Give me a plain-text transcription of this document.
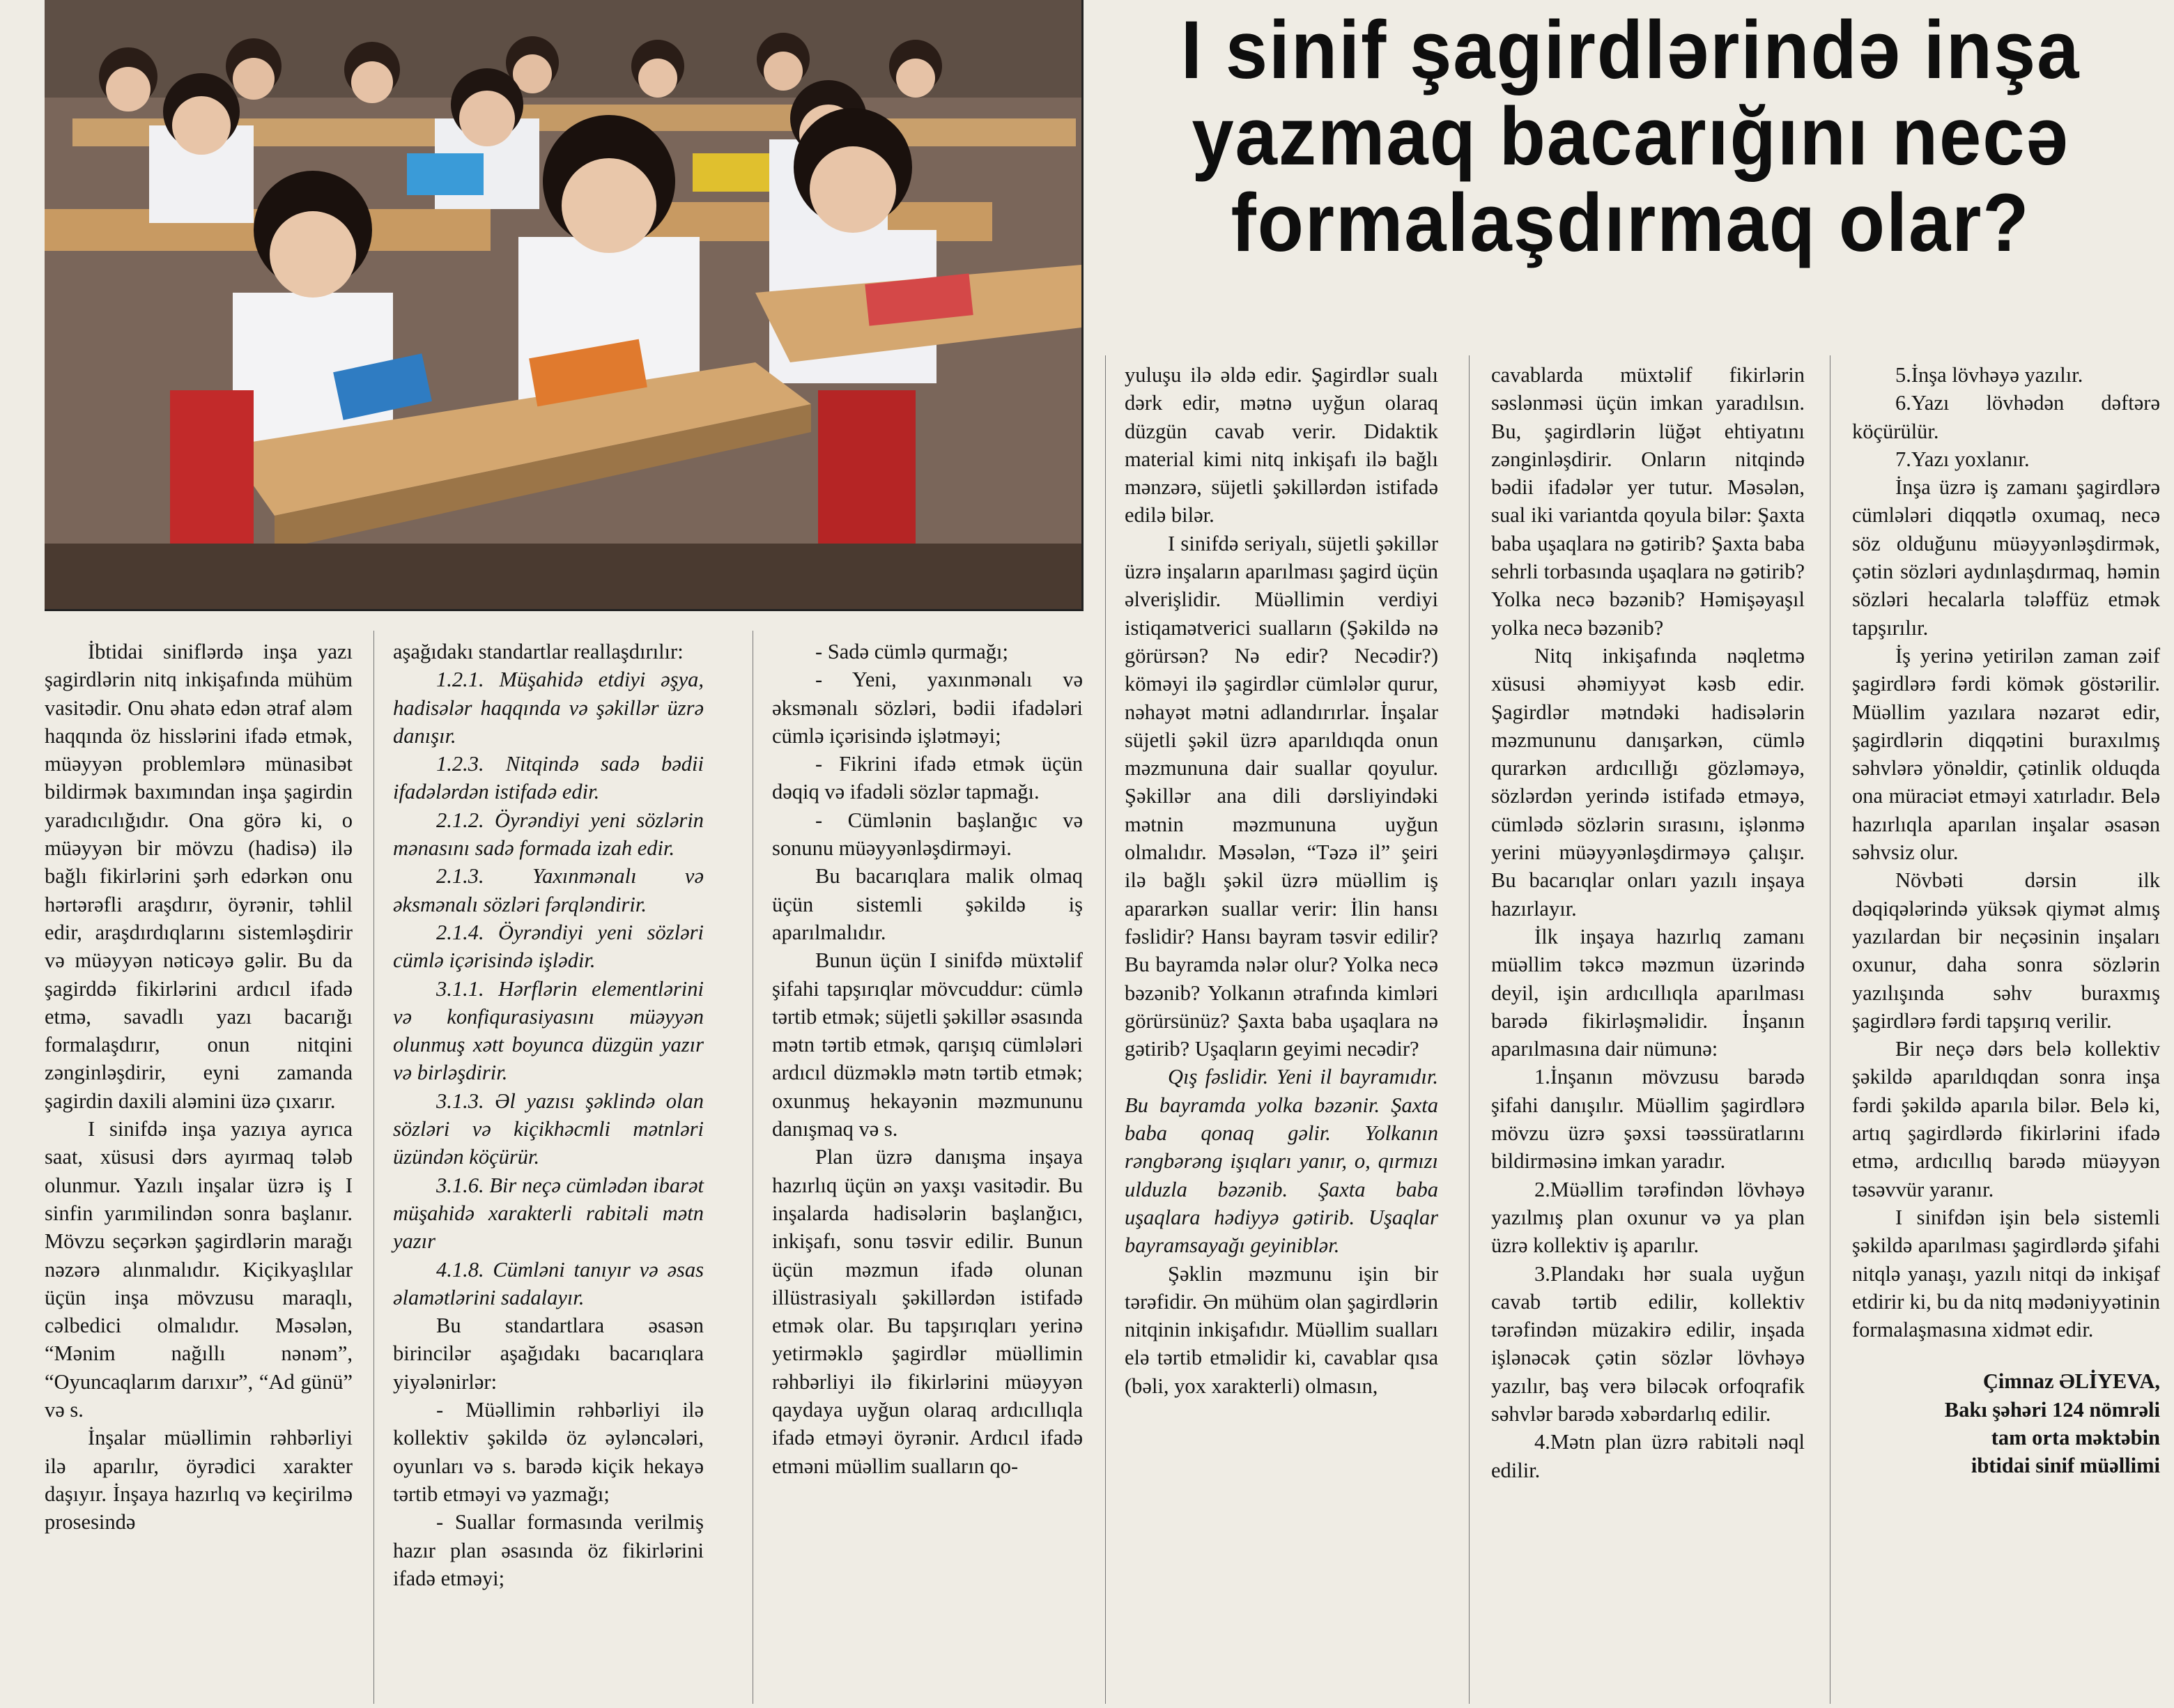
I sinif şagirdlərində inşa
yazmaq bacarığını necə
formalaşdırmaq olar?

İbtidai siniflərdə inşa yazı şagirdlərin nitq inkişafında mühüm vasitədir. Onu əhatə edən ətraf aləm haqqında öz hisslərini ifadə etmək, müəyyən problemlərə münasibət bildirmək baxımından inşa şagirdin yaradıcılığıdır. Ona görə ki, o müəyyən bir mövzu (hadisə) ilə bağlı fikirlərini şərh edərkən onu hərtərəfli araşdırır, öyrənir, təhlil edir, araşdırdıqlarını sistemləşdirir və müəyyən nəticəyə gəlir. Bu da şagirddə fikirlərini ardıcıl ifadə etmə, savadlı yazı bacarığı formalaşdırır, onun nitqini zənginləşdirir, eyni zamanda şagirdin daxili aləmini üzə çıxarır.

I sinifdə inşa yazıya ayrıca saat, xüsusi dərs ayırmaq tələb olunmur. Yazılı inşalar üzrə iş I sinfin yarımilindən sonra başlanır. Mövzu seçərkən şagirdlərin marağı nəzərə alınmalıdır. Kiçikyaşlılar üçün inşa mövzusu maraqlı, cəlbedici olmalıdır. Məsələn, “Mənim nağıllı nənəm”, “Oyuncaqlarım darıxır”, “Ad günü” və s.

İnşalar müəllimin rəhbərliyi ilə aparılır, öyrədici xarakter daşıyır. İnşaya hazırlıq və keçirilmə prosesində

aşağıdakı standartlar reallaşdırılır:

1.2.1. Müşahidə etdiyi əşya, hadisələr haqqında və şəkillər üzrə danışır.

1.2.3. Nitqində sadə bədii ifadələrdən istifadə edir.

2.1.2. Öyrəndiyi yeni sözlərin mənasını sadə formada izah edir.

2.1.3. Yaxınmənalı və əksmənalı sözləri fərqləndirir.

2.1.4. Öyrəndiyi yeni sözləri cümlə içərisində işlədir.

3.1.1. Hərflərin elementlərini və konfiqurasiyasını müəyyən olunmuş xətt boyunca düzgün yazır və birləşdirir.

3.1.3. Əl yazısı şəklində olan sözləri və kiçikhəcmli mətnləri üzündən köçürür.

3.1.6. Bir neçə cümlədən ibarət müşahidə xarakterli rabitəli mətn yazır

4.1.8. Cümləni tanıyır və əsas əlamətlərini sadalayır.

Bu standartlara əsasən birincilər aşağıdakı bacarıqlara yiyələnirlər:

- Müəllimin rəhbərliyi ilə kollektiv şəkildə öz əyləncələri, oyunları və s. barədə kiçik hekayə tərtib etməyi və yazmağı;

- Suallar formasında verilmiş hazır plan əsasında öz fikirlərini ifadə etməyi;

- Sadə cümlə qurmağı;

- Yeni, yaxınmənalı və əksmənalı sözləri, bədii ifadələri cümlə içərisində işlətməyi;

- Fikrini ifadə etmək üçün dəqiq və ifadəli sözlər tapmağı.

- Cümlənin başlanğıc və sonunu müəyyənləşdirməyi.

Bu bacarıqlara malik olmaq üçün sistemli şəkildə iş aparılmalıdır.

Bunun üçün I sinifdə müxtəlif şifahi tapşırıqlar mövcuddur: cümlə tərtib etmək; süjetli şəkillər əsasında mətn tərtib etmək, qarışıq cümlələri ardıcıl düzməklə mətn tərtib etmək; oxunmuş hekayənin məzmununu danışmaq və s.

Plan üzrə danışma inşaya hazırlıq üçün ən yaxşı vasitədir. Bu inşalarda hadisələrin başlanğıcı, inkişafı, sonu təsvir edilir. Bunun üçün məzmun ifadə olunan illüstrasiyalı şəkillərdən istifadə etmək olar. Bu tapşırıqları yerinə yetirməklə şagirdlər müəllimin rəhbərliyi ilə fikirlərini müəyyən qaydaya uyğun olaraq ardıcıllıqla ifadə etməyi öyrənir. Ardıcıl ifadə etməni müəllim sualların qo-

yuluşu ilə əldə edir. Şagirdlər sualı dərk edir, mətnə uyğun olaraq düzgün cavab verir. Didaktik material kimi nitq inkişafı ilə bağlı mənzərə, süjetli şəkillərdən istifadə edilə bilər.

I sinifdə seriyalı, süjetli şəkillər üzrə inşaların aparılması şagird üçün əlverişlidir. Müəllimin verdiyi istiqamətverici sualların (Şəkildə nə görürsən? Nə edir? Necədir?) köməyi ilə şagirdlər cümlələr qurur, nəhayət mətni adlandırırlar. İnşalar süjetli şəkil üzrə aparıldıqda onun məzmununa dair suallar qoyulur. Şəkillər ana dili dərsliyindəki mətnin məzmununa uyğun olmalıdır. Məsələn, “Təzə il” şeiri ilə bağlı şəkil üzrə müəllim iş apararkən suallar verir: İlin hansı fəslidir? Hansı bayram təsvir edilir? Bu bayramda nələr olur? Yolka necə bəzənib? Yolkanın ətrafında kimləri görürsünüz? Şaxta baba uşaqlara nə gətirib? Uşaqların geyimi necədir?

Qış fəslidir. Yeni il bayramıdır. Bu bayramda yolka bəzənir. Şaxta baba qonaq gəlir. Yolkanın rəngbərəng işıqları yanır, o, qırmızı ulduzla bəzənib. Şaxta baba uşaqlara hədiyyə gətirib. Uşaqlar bayramsayağı geyiniblər.

Şəklin məzmunu işin bir tərəfidir. Ən mühüm olan şagirdlərin nitqinin inkişafıdır. Müəllim sualları elə tərtib etməlidir ki, cavablar qısa (bəli, yox xarakterli) olmasın,

cavablarda müxtəlif fikirlərin səslənməsi üçün imkan yaradılsın. Bu, şagirdlərin lüğət ehtiyatını zənginləşdirir. Onların nitqində bədii ifadələr yer tutur. Məsələn, sual iki variantda qoyula bilər: Şaxta baba uşaqlara nə gətirib? Şaxta baba sehrli torbasında uşaqlara nə gətirib? Yolka necə bəzənib? Həmişəyaşıl yolka necə bəzənib?

Nitq inkişafında nəqletmə xüsusi əhəmiyyət kəsb edir. Şagirdlər mətndəki hadisələrin məzmununu danışarkən, cümlə qurarkən ardıcıllığı gözləməyə, sözlərdən yerində istifadə etməyə, cümlədə sözlərin sırasını, işlənmə yerini müəyyənləşdirməyə çalışır. Bu bacarıqlar onları yazılı inşaya hazırlayır.

İlk inşaya hazırlıq zamanı müəllim təkcə məzmun üzərində deyil, işin ardıcıllıqla aparılması barədə fikirləşməlidir. İnşanın aparılmasına dair nümunə:

1.İnşanın mövzusu barədə şifahi danışılır. Müəllim şagirdlərə mövzu üzrə şəxsi təəssüratlarını bildirməsinə imkan yaradır.

2.Müəllim tərəfindən lövhəyə yazılmış plan oxunur və ya plan üzrə kollektiv iş aparılır.

3.Plandakı hər suala uyğun cavab tərtib edilir, kollektiv tərəfindən müzakirə edilir, inşada işlənəcək çətin sözlər lövhəyə yazılır, baş verə biləcək orfoqrafik səhvlər barədə xəbərdarlıq edilir.

4.Mətn plan üzrə rabitəli nəql edilir.

5.İnşa lövhəyə yazılır.

6.Yazı lövhədən dəftərə köçürülür.

7.Yazı yoxlanır.

İnşa üzrə iş zamanı şagirdlərə cümlələri diqqətlə oxumaq, necə söz olduğunu müəyyənləşdirmək, çətin sözləri aydınlaşdırmaq, həmin sözləri hecalarla tələffüz etmək tapşırılır.

İş yerinə yetirilən zaman zəif şagirdlərə fərdi kömək göstərilir. Müəllim yazılara nəzarət edir, şagirdlərin diqqətini buraxılmış səhvlərə yönəldir, çətinlik olduqda ona müraciət etməyi xatırladır. Belə hazırlıqla aparılan inşalar əsasən səhvsiz olur.

Növbəti dərsin ilk dəqiqələrində yüksək qiymət almış yazılardan bir neçəsinin inşaları oxunur, daha sonra sözlərin yazılışında səhv buraxmış şagirdlərə fərdi tapşırıq verilir.

Bir neçə dərs belə kollektiv şəkildə aparıldıqdan sonra inşa fərdi şəkildə aparıla bilər. Belə ki, artıq şagirdlərdə fikirlərini ifadə etmə, ardıcıllıq barədə müəyyən təsəvvür yaranır.

I sinifdən işin belə sistemli şəkildə aparılması şagirdlərdə şifahi nitqlə yanaşı, yazılı nitqi də inkişaf etdirir ki, bu da nitq mədəniyyətinin formalaşmasına xidmət edir.

Çimnaz ƏLİYEVA,

Bakı şəhəri 124 nömrəli

tam orta məktəbin

ibtidai sinif müəllimi
